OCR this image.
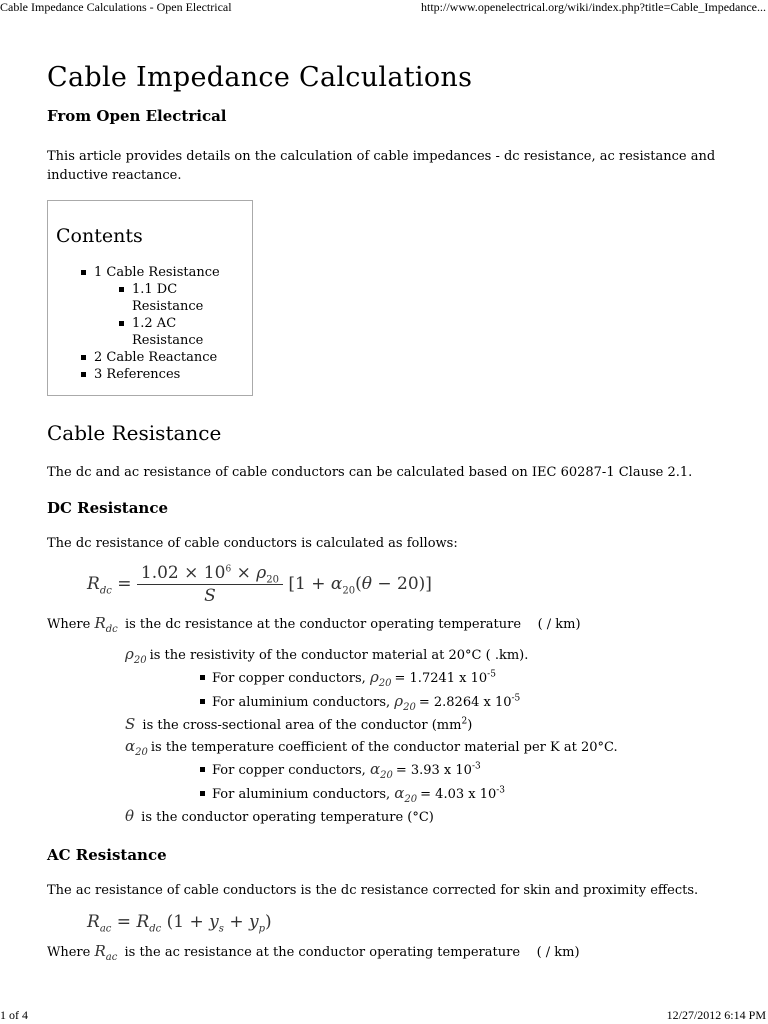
Cable Impedance Calculations - Open Electrical	http://www.openelectrical.org/wiki/index.php?title=Cable_Impedance...
Cable Impedance Calculations
From Open Electrical

This article provides details on the calculation of cable impedances - dc resistance, ac resistance and inductive reactance.

Contents
1 Cable Resistance
1.1 DC Resistance
1.2 AC Resistance
2 Cable Reactance
3 References
Cable Resistance

The dc and ac resistance of cable conductors can be calculated based on IEC 60287-1 Clause 2.1.

DC Resistance

The dc resistance of cable conductors is calculated as follows:

$R_{dc} = \frac{1.02 \times 10^6 \times \rho_{20}}{S} [1 + \alpha_{20}(\theta - 20)]$

Where $R_{dc}$ is the dc resistance at the conductor operating temperature ( / km)

$\rho_{20}$ is the resistivity of the conductor material at 20°C ( .km).
For copper conductors, $\rho_{20} = 1.7241$ x $10^{-5}$
For aluminium conductors, $\rho_{20} = 2.8264$ x $10^{-5}$
S is the cross-sectional area of the conductor $(mm^2)$
$\alpha_{20}$ is the temperature coefficient of the conductor material per K at 20°C.
For copper conductors, $\alpha_{20} = 3.93$ x $10^{-3}$
For aluminium conductors, $\alpha_{20} = 4.03$ x $10^{-3}$
θ is the conductor operating temperature (°C)
AC Resistance

The ac resistance of cable conductors is the dc resistance corrected for skin and proximity effects.

$R_{ac} = R_{dc}$ $(1 + y_s + y_p)$

Where $R_{ac}$ is the ac resistance at the conductor operating temperature ( / km)

1 of 4	12/27/2012 6:14 PM
